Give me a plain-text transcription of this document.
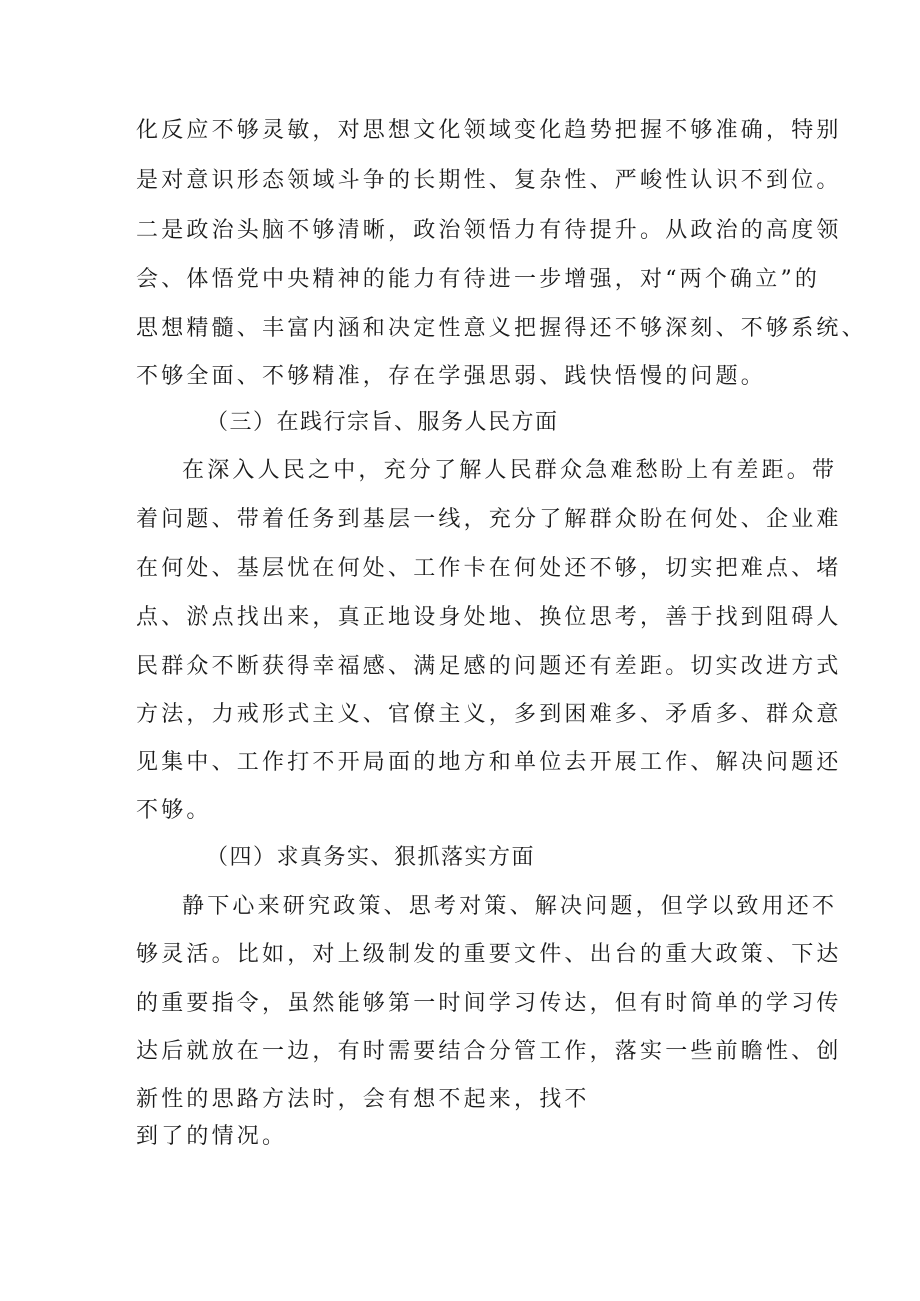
化反应不够灵敏，对思想文化领域变化趋势把握不够准确，特别
是对意识形态领域斗争的长期性、复杂性、严峻性认识不到位。
二是政治头脑不够清晰，政治领悟力有待提升。从政治的高度领
会、体悟党中央精神的能力有待进一步增强，对“两个确立”的
思想精髓、丰富内涵和决定性意义把握得还不够深刻、不够系统、
不够全面、不够精准，存在学强思弱、践快悟慢的问题。
（三）在践行宗旨、服务人民方面
在深入人民之中，充分了解人民群众急难愁盼上有差距。带
着问题、带着任务到基层一线，充分了解群众盼在何处、企业难
在何处、基层忧在何处、工作卡在何处还不够，切实把难点、堵
点、淤点找出来，真正地设身处地、换位思考，善于找到阻碍人
民群众不断获得幸福感、满足感的问题还有差距。切实改进方式
方法，力戒形式主义、官僚主义，多到困难多、矛盾多、群众意
见集中、工作打不开局面的地方和单位去开展工作、解决问题还
不够。
（四）求真务实、狠抓落实方面
静下心来研究政策、思考对策、解决问题，但学以致用还不
够灵活。比如，对上级制发的重要文件、出台的重大政策、下达
的重要指令，虽然能够第一时间学习传达，但有时简单的学习传
达后就放在一边，有时需要结合分管工作，落实一些前瞻性、创
新性的思路方法时，会有想不起来，找不
到了的情况。
